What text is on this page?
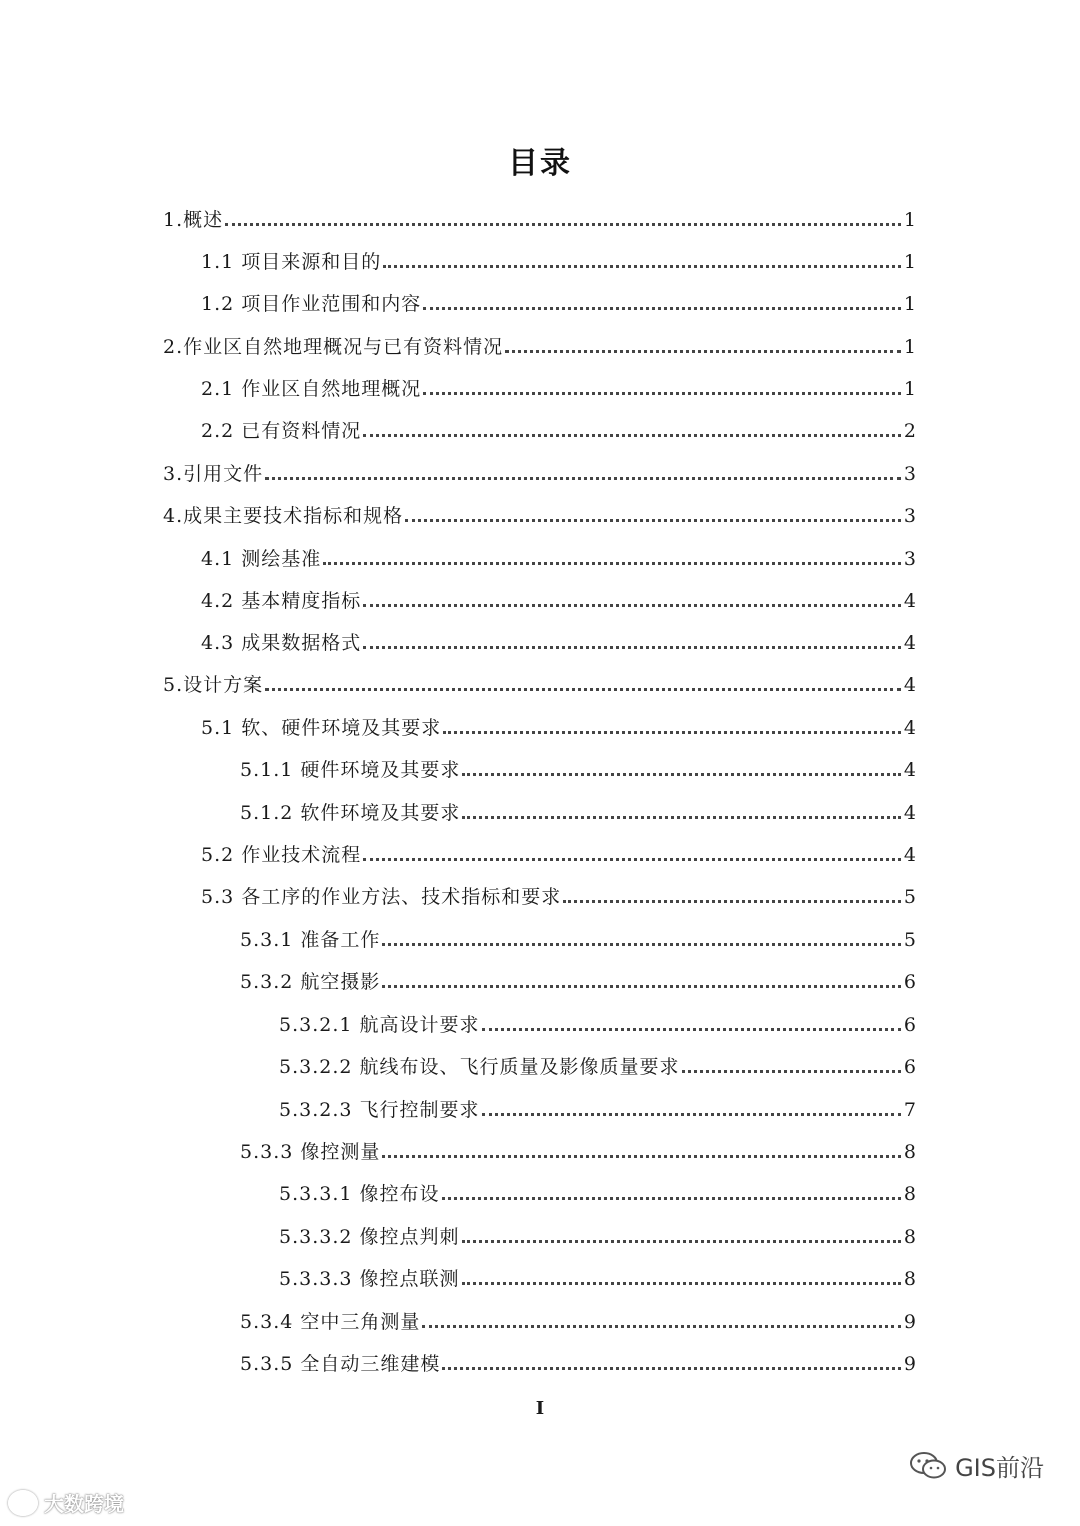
目录
1.概述	1
1.1 项目来源和目的	1
1.2 项目作业范围和内容	1
2.作业区自然地理概况与已有资料情况	1
2.1 作业区自然地理概况	1
2.2 已有资料情况	2
3.引用文件	3
4.成果主要技术指标和规格	3
4.1 测绘基准	3
4.2 基本精度指标	4
4.3 成果数据格式	4
5.设计方案	4
5.1 软、硬件环境及其要求	4
5.1.1 硬件环境及其要求	4
5.1.2 软件环境及其要求	4
5.2 作业技术流程	4
5.3 各工序的作业方法、技术指标和要求	5
5.3.1 准备工作	5
5.3.2 航空摄影	6
5.3.2.1 航高设计要求	6
5.3.2.2 航线布设、飞行质量及影像质量要求	6
5.3.2.3 飞行控制要求	7
5.3.3 像控测量	8
5.3.3.1 像控布设	8
5.3.3.2 像控点判刺	8
5.3.3.3 像控点联测	8
5.3.4 空中三角测量	9
5.3.5 全自动三维建模	9
I
大数跨境
GIS前沿
